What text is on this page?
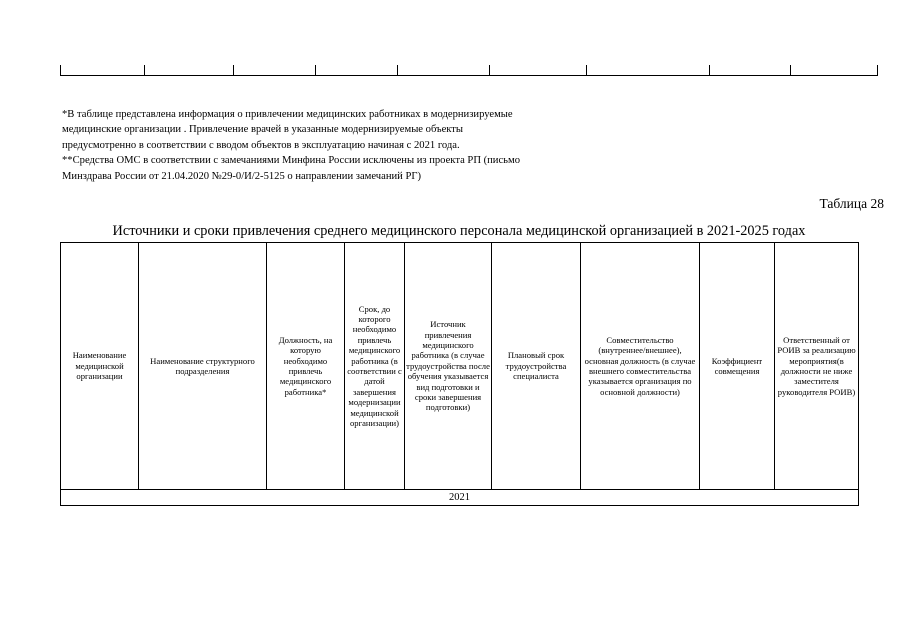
*В таблице представлена информация о привлечении медицинских работниках в модернизируемые
медицинские организации . Привлечение врачей в указанные модернизируемые объекты
предусмотренно в соответствии с вводом объектов в эксплуатацию начиная с 2021 года.
**Средства ОМС в соответствии с замечаниями Минфина России исключены из проекта РП (письмо
Минздрава России от 21.04.2020 №29-0/И/2-5125 о направлении замечаний РГ)
Таблица 28
Источники и сроки привлечения среднего медицинского персонала медицинской организацией в 2021-2025 годах
Наименование медицинской организации	Наименование структурного подразделения	Должность, на которую необходимо привлечь медицинского работника*	Срок, до которого необходимо привлечь медицинского работника (в соответствии с датой завершения модернизации медицинской организации)	Источник привлечения медицинского работника (в случае трудоустройства после обучения указывается вид подготовки и сроки завершения подготовки)	Плановый срок трудоустройства специалиста	Совместительство (внутреннее/внешнее), основная должность (в случае внешнего совместительства указывается организация по основной должности)	Коэффициент совмещения	Ответственный от РОИВ за реализацию мероприятия(в должности не ниже заместителя руководителя РОИВ)
2021
